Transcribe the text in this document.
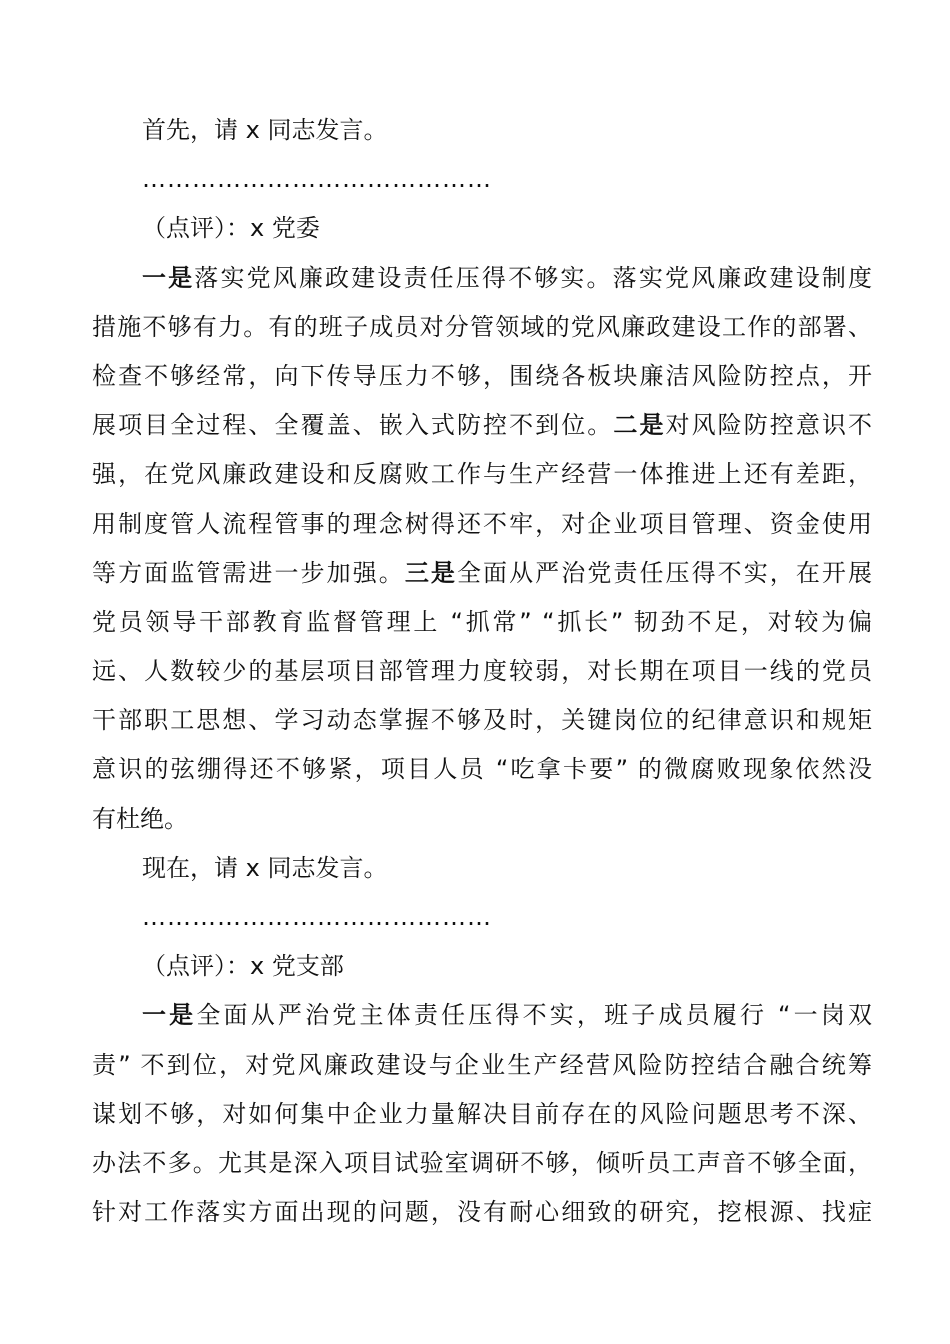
首先，请 x 同志发言。
……………………………………
（点评）：x 党委
一是落实党风廉政建设责任压得不够实。落实党风廉政建设制度
措施不够有力。有的班子成员对分管领域的党风廉政建设工作的部署、
检查不够经常，向下传导压力不够，围绕各板块廉洁风险防控点，开
展项目全过程、全覆盖、嵌入式防控不到位。二是对风险防控意识不
强，在党风廉政建设和反腐败工作与生产经营一体推进上还有差距，
用制度管人流程管事的理念树得还不牢，对企业项目管理、资金使用
等方面监管需进一步加强。三是全面从严治党责任压得不实，在开展
党员领导干部教育监督管理上 “抓常” “抓长” 韧劲不足，对较为偏
远、人数较少的基层项目部管理力度较弱，对长期在项目一线的党员
干部职工思想、学习动态掌握不够及时，关键岗位的纪律意识和规矩
意识的弦绷得还不够紧，项目人员 “吃拿卡要” 的微腐败现象依然没
有杜绝。
现在，请 x 同志发言。
……………………………………
（点评）：x 党支部
一是全面从严治党主体责任压得不实，班子成员履行 “一岗双
责” 不到位，对党风廉政建设与企业生产经营风险防控结合融合统筹
谋划不够，对如何集中企业力量解决目前存在的风险问题思考不深、
办法不多。尤其是深入项目试验室调研不够，倾听员工声音不够全面，
针对工作落实方面出现的问题，没有耐心细致的研究，挖根源、找症
